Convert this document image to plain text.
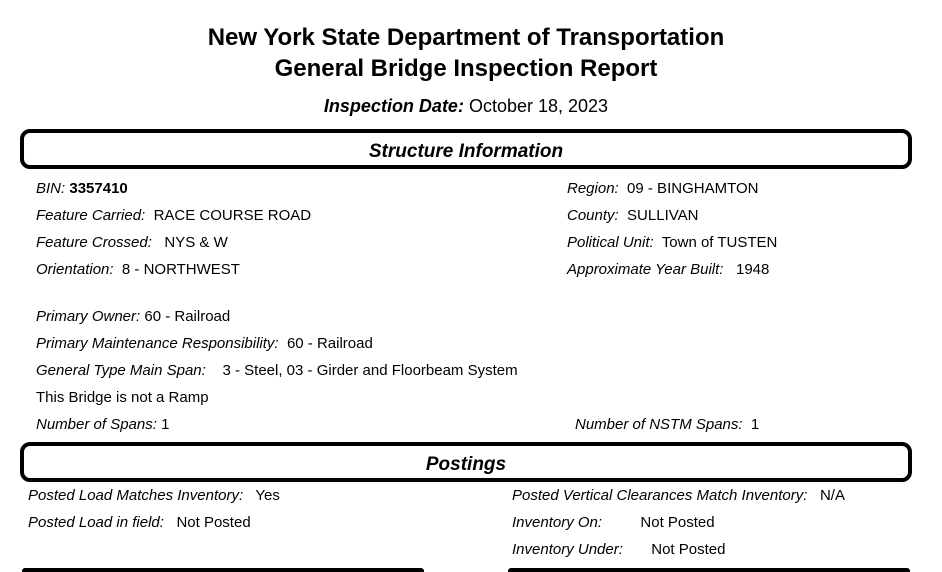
New York State Department of Transportation
General Bridge Inspection Report
Inspection Date: October 18, 2023
Structure Information
BIN: 3357410
Feature Carried: RACE COURSE ROAD
Feature Crossed: NYS & W
Orientation: 8 - NORTHWEST
Region: 09 - BINGHAMTON
County: SULLIVAN
Political Unit: Town of TUSTEN
Approximate Year Built: 1948
Primary Owner: 60 - Railroad
Primary Maintenance Responsibility: 60 - Railroad
General Type Main Span: 3 - Steel, 03 - Girder and Floorbeam System
This Bridge is not a Ramp
Number of Spans: 1	Number of NSTM Spans: 1
Postings
Posted Load Matches Inventory: Yes
Posted Load in field: Not Posted
Posted Vertical Clearances Match Inventory: N/A
Inventory On:	Not Posted
Inventory Under: Not Posted
